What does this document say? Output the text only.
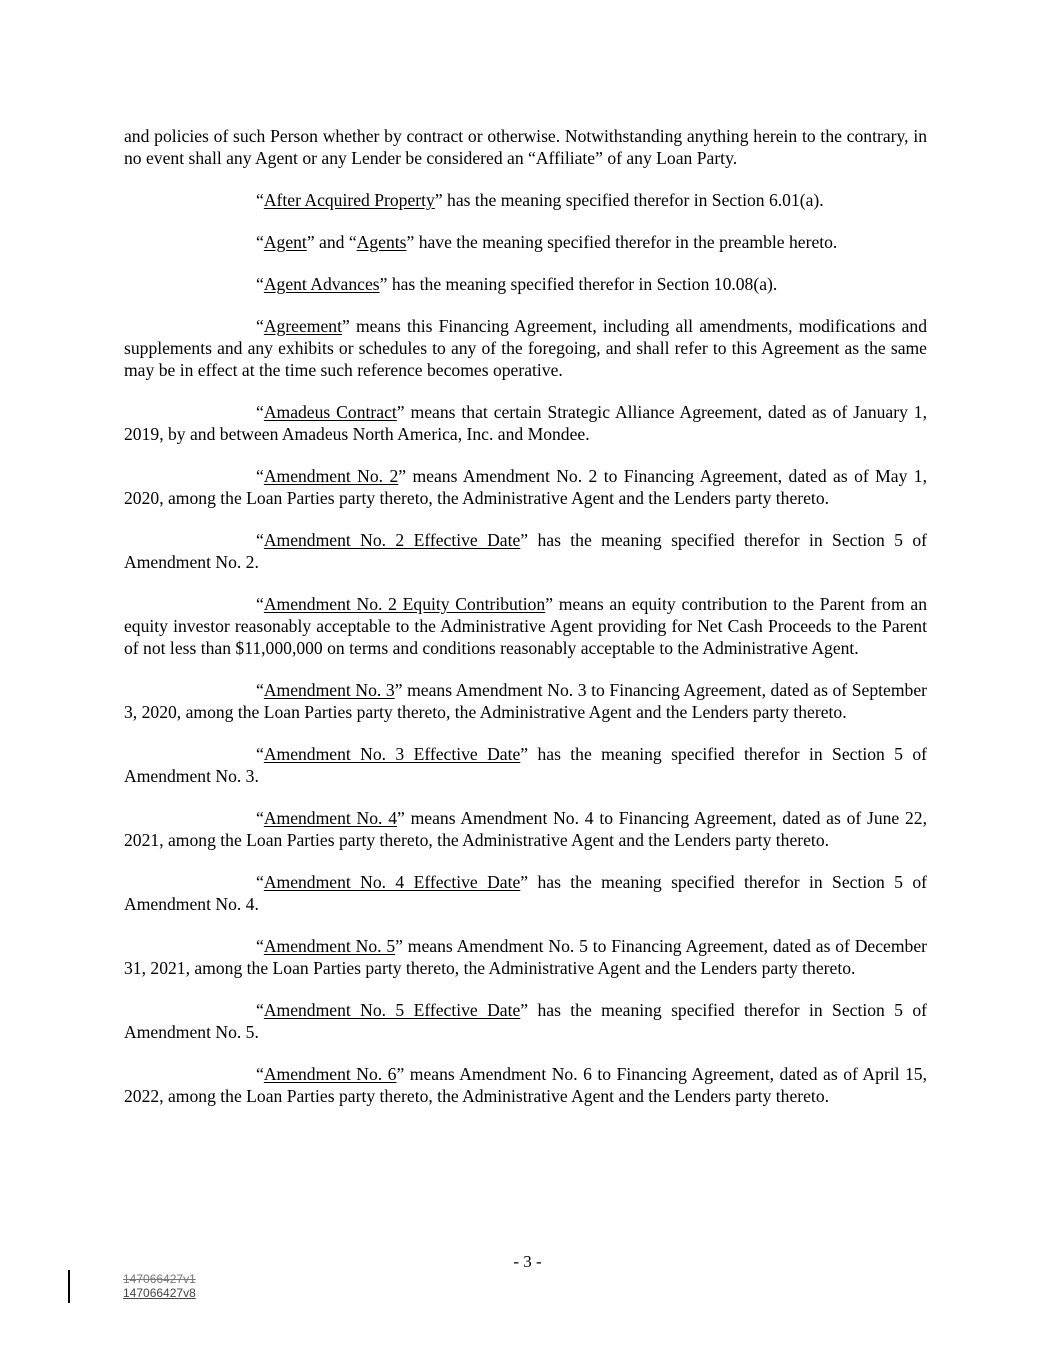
and policies of such Person whether by contract or otherwise. Notwithstanding anything herein to the contrary, in no event shall any Agent or any Lender be considered an “Affiliate” of any Loan Party.

“After Acquired Property” has the meaning specified therefor in Section 6.01(a).

“Agent” and “Agents” have the meaning specified therefor in the preamble hereto.

“Agent Advances” has the meaning specified therefor in Section 10.08(a).

“Agreement” means this Financing Agreement, including all amendments, modifications and supplements and any exhibits or schedules to any of the foregoing, and shall refer to this Agreement as the same may be in effect at the time such reference becomes operative.

“Amadeus Contract” means that certain Strategic Alliance Agreement, dated as of January 1, 2019, by and between Amadeus North America, Inc. and Mondee.

“Amendment No. 2” means Amendment No. 2 to Financing Agreement, dated as of May 1, 2020, among the Loan Parties party thereto, the Administrative Agent and the Lenders party thereto.

“Amendment No. 2 Effective Date” has the meaning specified therefor in Section 5 of Amendment No. 2.

“Amendment No. 2 Equity Contribution” means an equity contribution to the Parent from an equity investor reasonably acceptable to the Administrative Agent providing for Net Cash Proceeds to the Parent of not less than $11,000,000 on terms and conditions reasonably acceptable to the Administrative Agent.

“Amendment No. 3” means Amendment No. 3 to Financing Agreement, dated as of September 3, 2020, among the Loan Parties party thereto, the Administrative Agent and the Lenders party thereto.

“Amendment No. 3 Effective Date” has the meaning specified therefor in Section 5 of Amendment No. 3.

“Amendment No. 4” means Amendment No. 4 to Financing Agreement, dated as of June 22, 2021, among the Loan Parties party thereto, the Administrative Agent and the Lenders party thereto.

“Amendment No. 4 Effective Date” has the meaning specified therefor in Section 5 of Amendment No. 4.

“Amendment No. 5” means Amendment No. 5 to Financing Agreement, dated as of December 31, 2021, among the Loan Parties party thereto, the Administrative Agent and the Lenders party thereto.

“Amendment No. 5 Effective Date” has the meaning specified therefor in Section 5 of Amendment No. 5.

“Amendment No. 6” means Amendment No. 6 to Financing Agreement, dated as of April 15, 2022, among the Loan Parties party thereto, the Administrative Agent and the Lenders party thereto.

- 3 -
147066427v1
147066427v8
